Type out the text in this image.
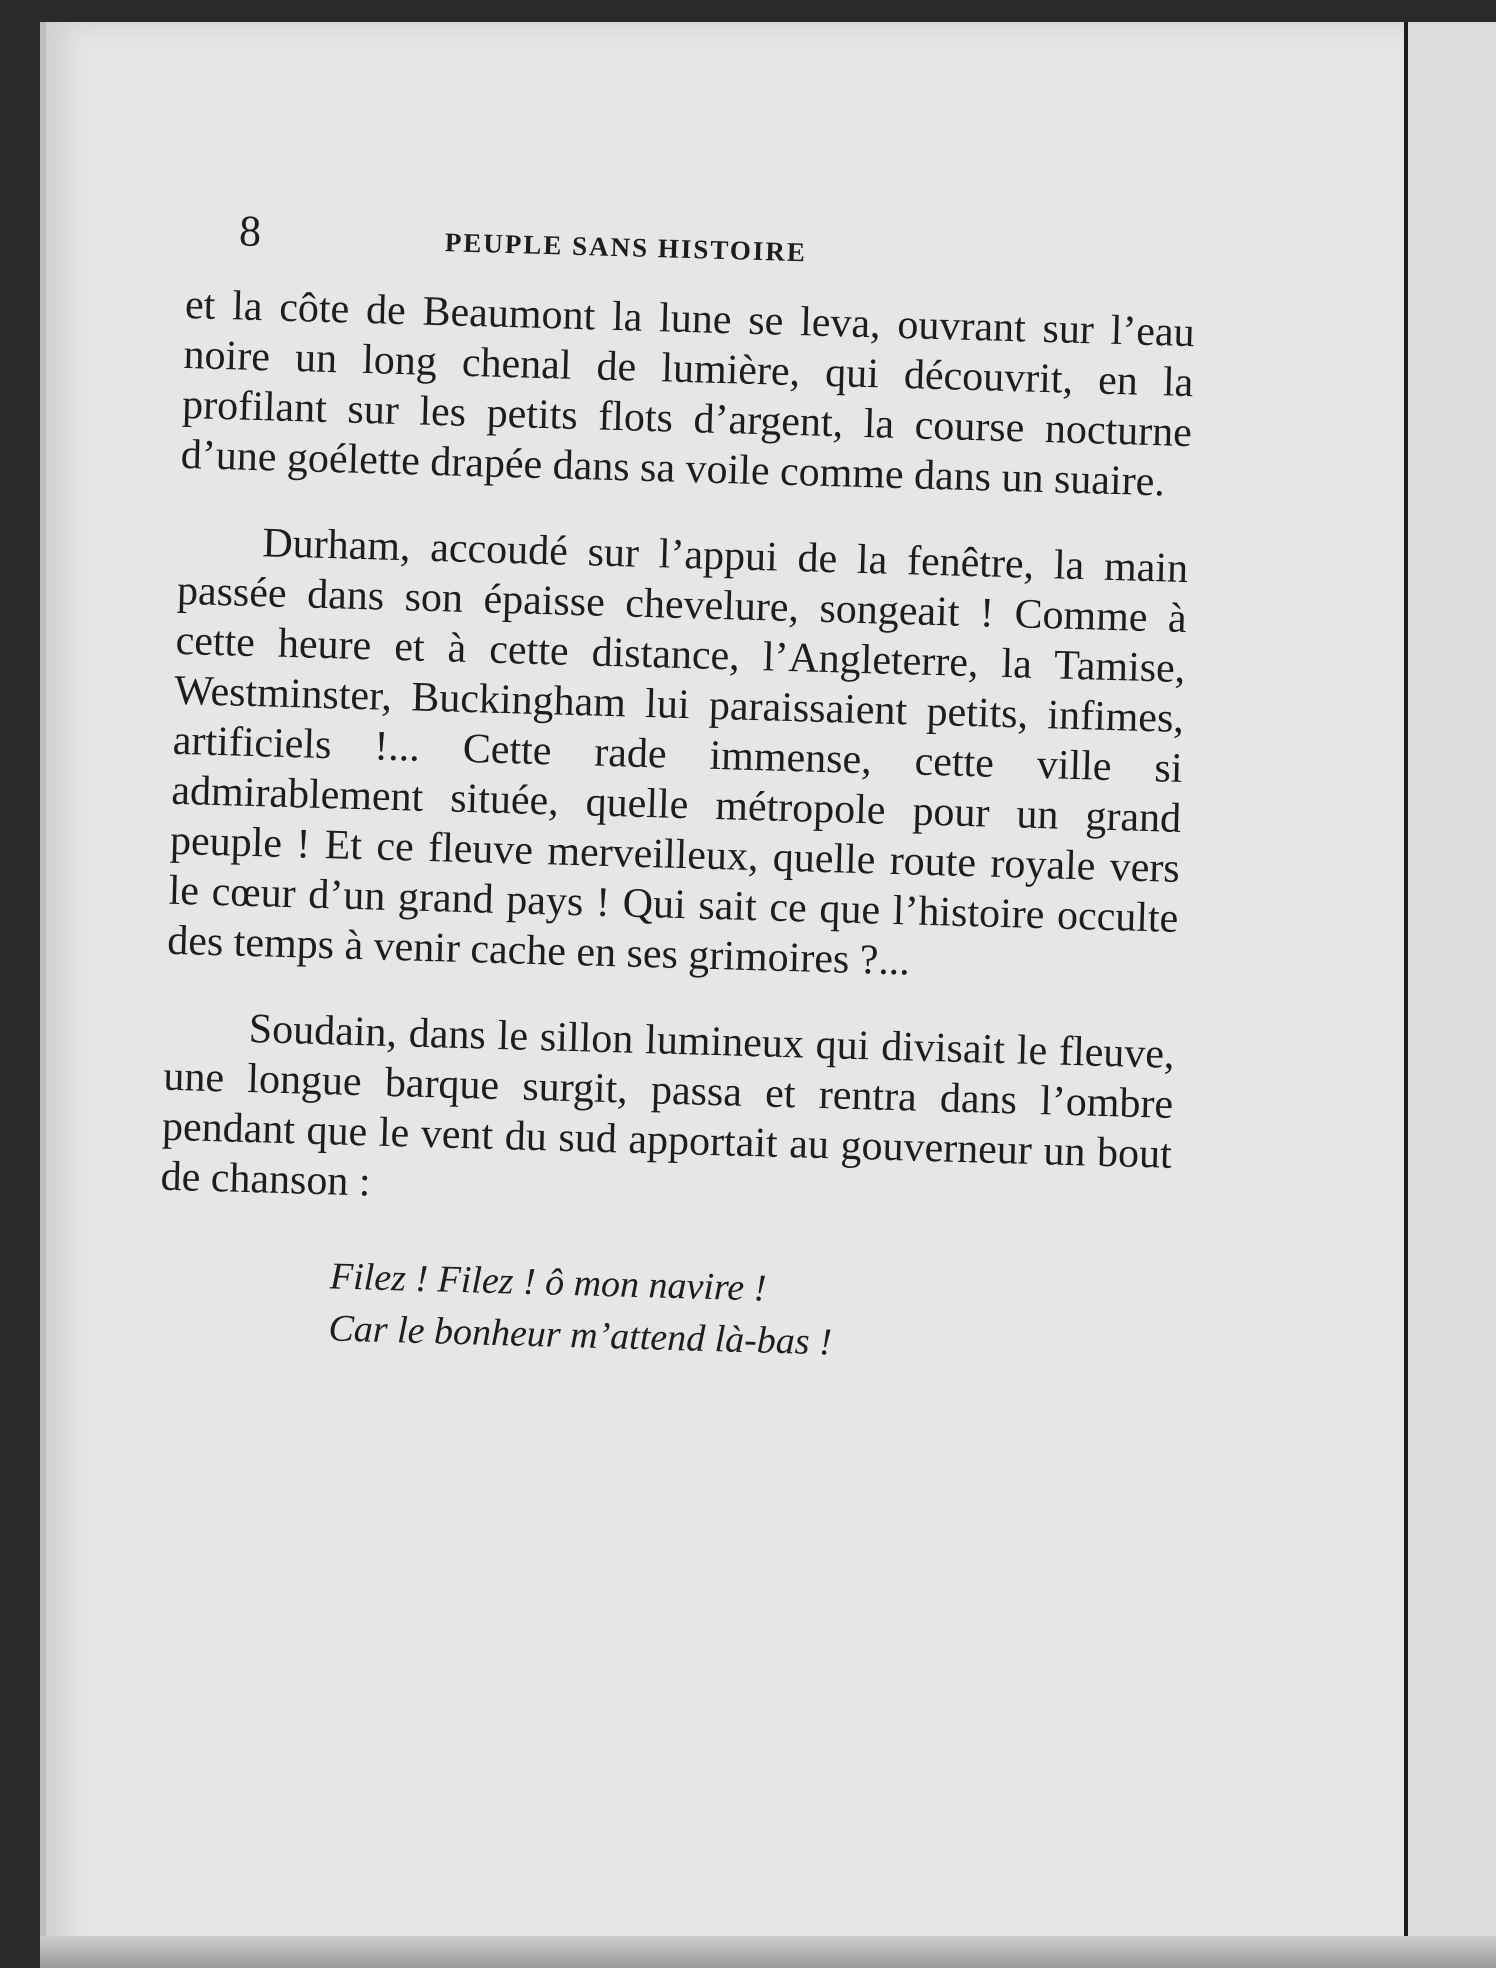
8	PEUPLE SANS HISTOIRE

et la côte de Beaumont la lune se leva, ouvrant sur l’eau noire un long chenal de lumière, qui découvrit, en la profilant sur les petits flots d’argent, la course nocturne d’une goélette drapée dans sa voile comme dans un suaire.

Durham, accoudé sur l’appui de la fenêtre, la main passée dans son épaisse chevelure, songeait ! Comme à cette heure et à cette distance, l’Angleterre, la Tamise, Westminster, Buckingham lui paraissaient petits, infimes, artificiels !... Cette rade immense, cette ville si admirablement située, quelle métropole pour un grand peuple ! Et ce fleuve merveilleux, quelle route royale vers le cœur d’un grand pays ! Qui sait ce que l’histoire occulte des temps à venir cache en ses grimoires ?...

Soudain, dans le sillon lumineux qui divisait le fleuve, une longue barque surgit, passa et rentra dans l’ombre pendant que le vent du sud apportait au gouverneur un bout de chanson :

Filez ! Filez ! ô mon navire !
Car le bonheur m’attend là-bas !
